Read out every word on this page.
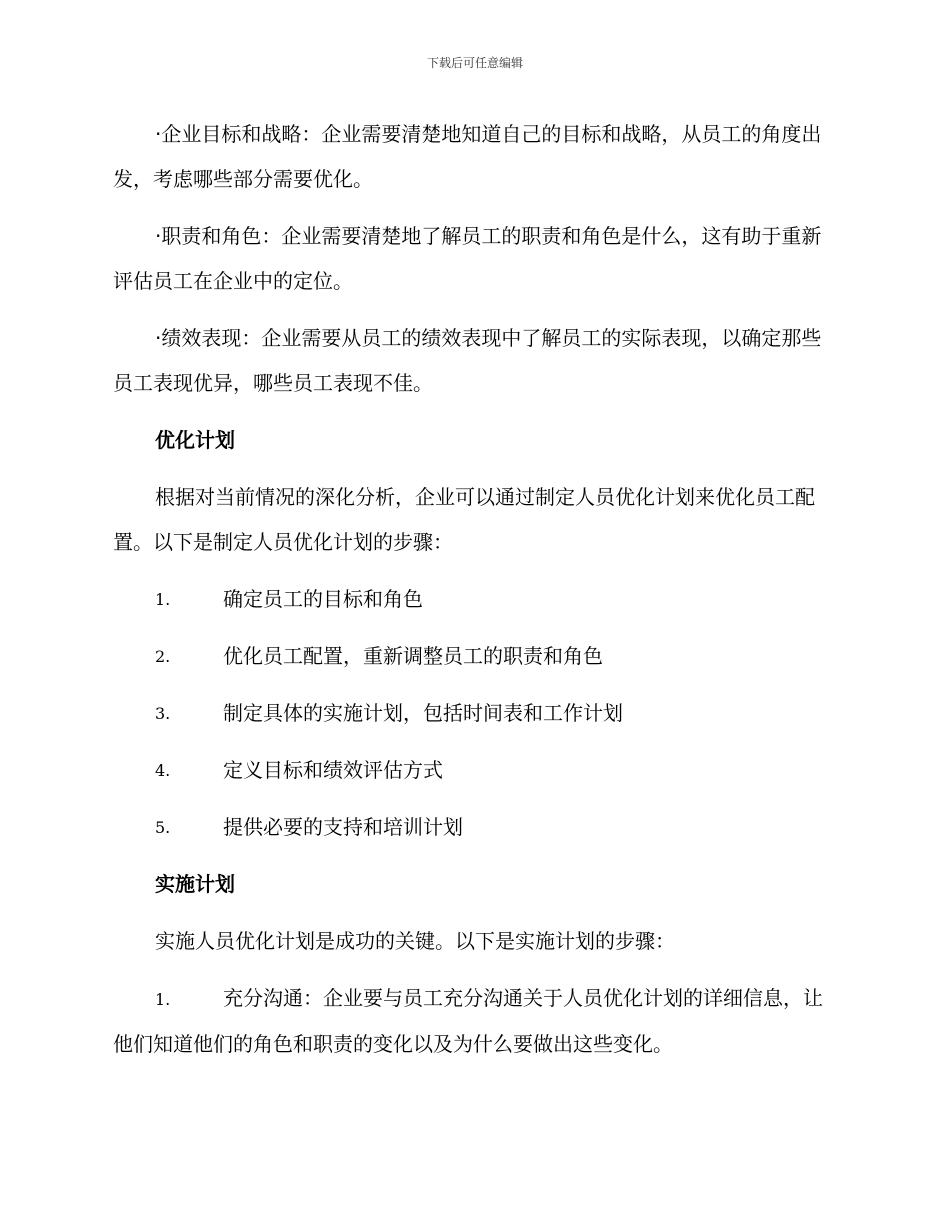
下载后可任意编辑

·企业目标和战略：企业需要清楚地知道自己的目标和战略，从员工的角度出发，考虑哪些部分需要优化。

·职责和角色：企业需要清楚地了解员工的职责和角色是什么，这有助于重新评估员工在企业中的定位。

·绩效表现：企业需要从员工的绩效表现中了解员工的实际表现，以确定那些员工表现优异，哪些员工表现不佳。

优化计划

根据对当前情况的深化分析，企业可以通过制定人员优化计划来优化员工配置。以下是制定人员优化计划的步骤：

1.	确定员工的目标和角色
2.	优化员工配置，重新调整员工的职责和角色
3.	制定具体的实施计划，包括时间表和工作计划
4.	定义目标和绩效评估方式
5.	提供必要的支持和培训计划
实施计划

实施人员优化计划是成功的关键。以下是实施计划的步骤：

1.	充分沟通：企业要与员工充分沟通关于人员优化计划的详细信息，让他们知道他们的角色和职责的变化以及为什么要做出这些变化。
